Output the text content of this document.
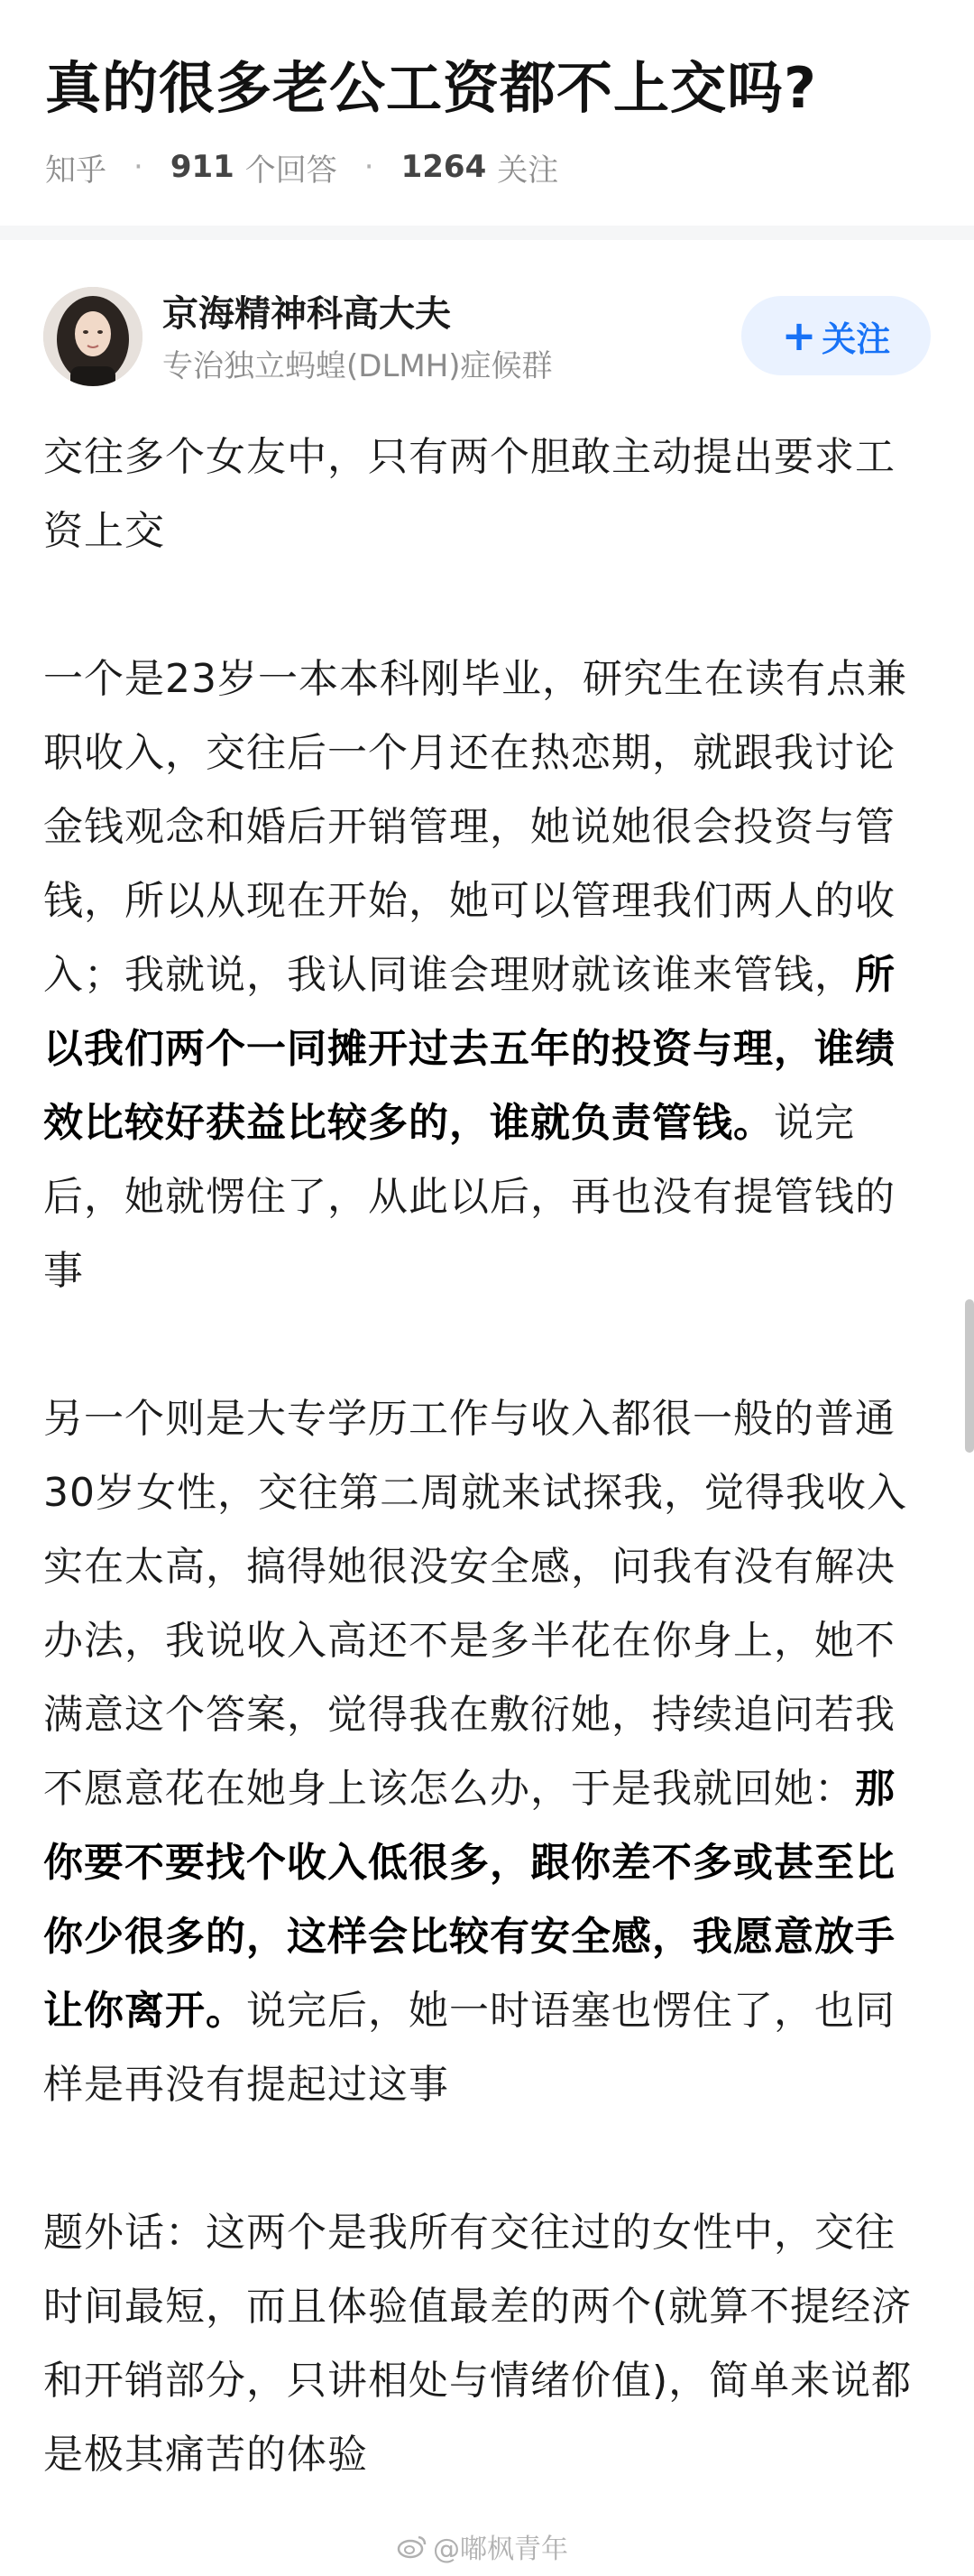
真的很多老公工资都不上交吗?
知乎 · 911 个回答 · 1264 关注
京海精神科高大夫
专治独立蚂蝗(DLMH)症候群
+ 关注

交往多个女友中，只有两个胆敢主动提出要求工资上交

一个是23岁一本本科刚毕业，研究生在读有点兼职收入，交往后一个月还在热恋期，就跟我讨论金钱观念和婚后开销管理，她说她很会投资与管钱，所以从现在开始，她可以管理我们两人的收入；我就说，我认同谁会理财就该谁来管钱，所以我们两个一同摊开过去五年的投资与理，谁绩效比较好获益比较多的，谁就负责管钱。说完后，她就愣住了，从此以后，再也没有提管钱的事

另一个则是大专学历工作与收入都很一般的普通30岁女性，交往第二周就来试探我，觉得我收入实在太高，搞得她很没安全感，问我有没有解决办法，我说收入高还不是多半花在你身上，她不满意这个答案，觉得我在敷衍她，持续追问若我不愿意花在她身上该怎么办，于是我就回她：那你要不要找个收入低很多，跟你差不多或甚至比你少很多的，这样会比较有安全感，我愿意放手让你离开。说完后，她一时语塞也愣住了，也同样是再没有提起过这事

题外话：这两个是我所有交往过的女性中，交往时间最短，而且体验值最差的两个(就算不提经济和开销部分，只讲相处与情绪价值)，简单来说都是极其痛苦的体验

@嘟枫青年
